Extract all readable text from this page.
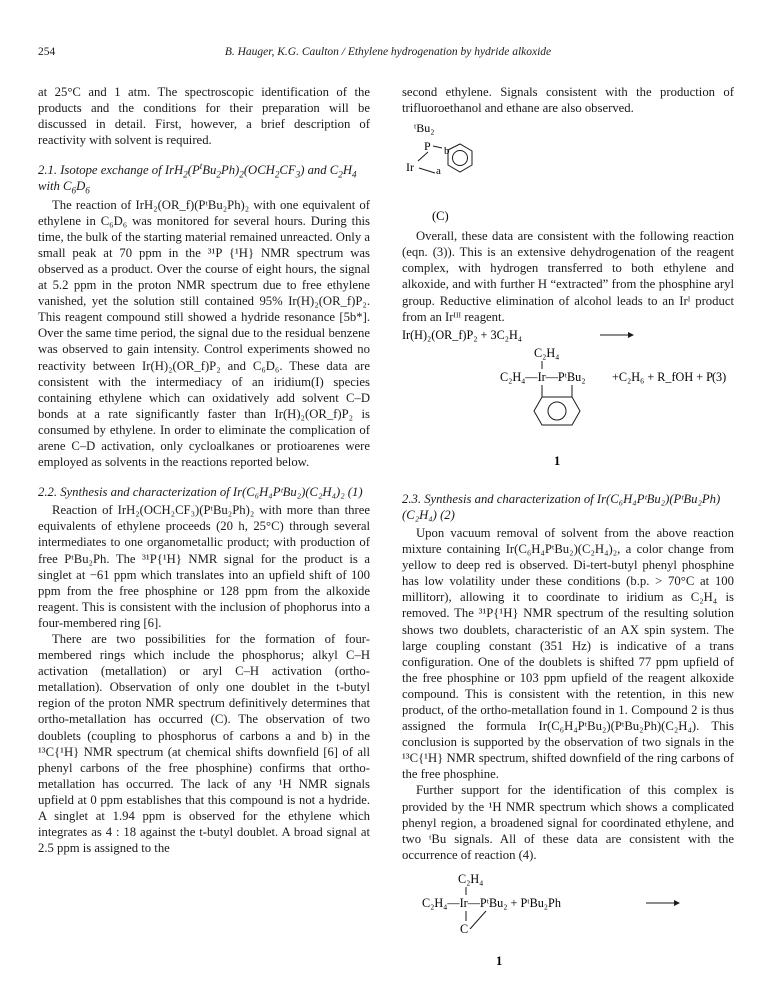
254	B. Hauger, K.G. Caulton / Ethylene hydrogenation by hydride alkoxide

at 25°C and 1 atm. The spectroscopic identification of the products and the conditions for their preparation will be discussed in detail. First, however, a brief description of reactivity with solvent is required.

2.1. Isotope exchange of $IrH_2(P^tBu_2Ph)_2(OCH_2CF_3)$ and $C_2H_4$ with $C_6D_6$

The reaction of IrH₂(OR_f)(PᵗBu₂Ph)₂ with one equivalent of ethylene in C₆D₆ was monitored for several hours. During this time, the bulk of the starting material remained unreacted. Only a small peak at 70 ppm in the ³¹P {¹H} NMR spectrum was observed as a product. Over the course of eight hours, the signal at 5.2 ppm in the proton NMR spectrum due to free ethylene vanished, yet the solution still contained 95% Ir(H)₂(OR_f)P₂. This reagent compound still showed a hydride resonance [5b*]. Over the same time period, the signal due to the residual benzene was observed to gain intensity. Control experiments showed no reactivity between Ir(H)₂(OR_f)P₂ and C₆D₆. These data are consistent with the intermediacy of an iridium(I) species containing ethylene which can oxidatively add solvent C–D bonds at a rate significantly faster than Ir(H)₂(OR_f)P₂ is consumed by ethylene. In order to eliminate the complication of arene C–D activation, only cycloalkanes or protioarenes were employed as solvents in the reactions reported below.

2.2. Synthesis and characterization of Ir(C₆H₄PᵗBu₂)(C₂H₄)₂ (1)

Reaction of IrH₂(OCH₂CF₃)(PᵗBu₂Ph)₂ with more than three equivalents of ethylene proceeds (20 h, 25°C) through several intermediates to one organometallic product; with production of free PᵗBu₂Ph. The ³¹P{¹H} NMR signal for the product is a singlet at −61 ppm which translates into an upfield shift of 100 ppm from the free phosphine or 128 ppm from the alkoxide reagent. This is consistent with the inclusion of phophorus into a four-membered ring [6].

There are two possibilities for the formation of four-membered rings which include the phosphorus; alkyl C–H activation (metallation) or aryl C–H activation (ortho-metallation). Observation of only one doublet in the t-butyl region of the proton NMR spectrum definitively determines that ortho-metallation has occurred (C). The observation of two doublets (coupling to phosphorus of carbons a and b) in the ¹³C{¹H} NMR spectrum (at chemical shifts downfield [6] of all phenyl carbons of the free phosphine) confirms that ortho-metallation has occurred. The lack of any ¹H NMR signals upfield at 0 ppm establishes that this compound is not a hydride. A singlet at 1.94 ppm is observed for the ethylene which integrates as 4 : 18 against the t-butyl doublet. A broad signal at 2.5 ppm is assigned to the

second ethylene. Signals consistent with the production of trifluoroethanol and ethane are also observed.

ᵗBu₂
P b
Ir a
(C)

Overall, these data are consistent with the following reaction (eqn. (3)). This is an extensive dehydrogenation of the reagent complex, with hydrogen transferred to both ethylene and alkoxide, and with further H “extracted” from the phosphine aryl group. Reductive elimination of alcohol leads to an Irᴵ product from an Irᴵᴵᴵ reagent.

Ir(H)₂(OR_f)P₂ + 3C₂H₄
C₂H₄
C₂H₄—Ir—PᵗBu₂ +C₂H₆ + R_fOH + P (3)
1

2.3. Synthesis and characterization of Ir(C₆H₄PᵗBu₂)(PᵗBu₂Ph)(C₂H₄) (2)

Upon vacuum removal of solvent from the above reaction mixture containing Ir(C₆H₄PᵗBu₂)(C₂H₄)₂, a color change from yellow to deep red is observed. Di-tert-butyl phenyl phosphine has low volatility under these conditions (b.p. > 70°C at 100 millitorr), allowing it to coordinate to iridium as C₂H₄ is removed. The ³¹P{¹H} NMR spectrum of the resulting solution shows two doublets, characteristic of an AX spin system. The large coupling constant (351 Hz) is indicative of a trans configuration. One of the doublets is shifted 77 ppm upfield of the free phosphine or 103 ppm upfield of the reagent alkoxide compound. This is consistent with the retention, in this new product, of the ortho-metallation found in 1. Compound 2 is thus assigned the formula Ir(C₆H₄PᵗBu₂)(PᵗBu₂Ph)(C₂H₄). This conclusion is supported by the observation of two signals in the ¹³C{¹H} NMR spectrum, shifted downfield of the ring carbons of the free phosphine.

Further support for the identification of this complex is provided by the ¹H NMR spectrum which shows a complicated phenyl region, a broadened signal for coordinated ethylene, and two ᵗBu signals. All of these data are consistent with the occurrence of reaction (4).

C₂H₄
C₂H₄—Ir—PᵗBu₂ + PᵗBu₂Ph
C
1
